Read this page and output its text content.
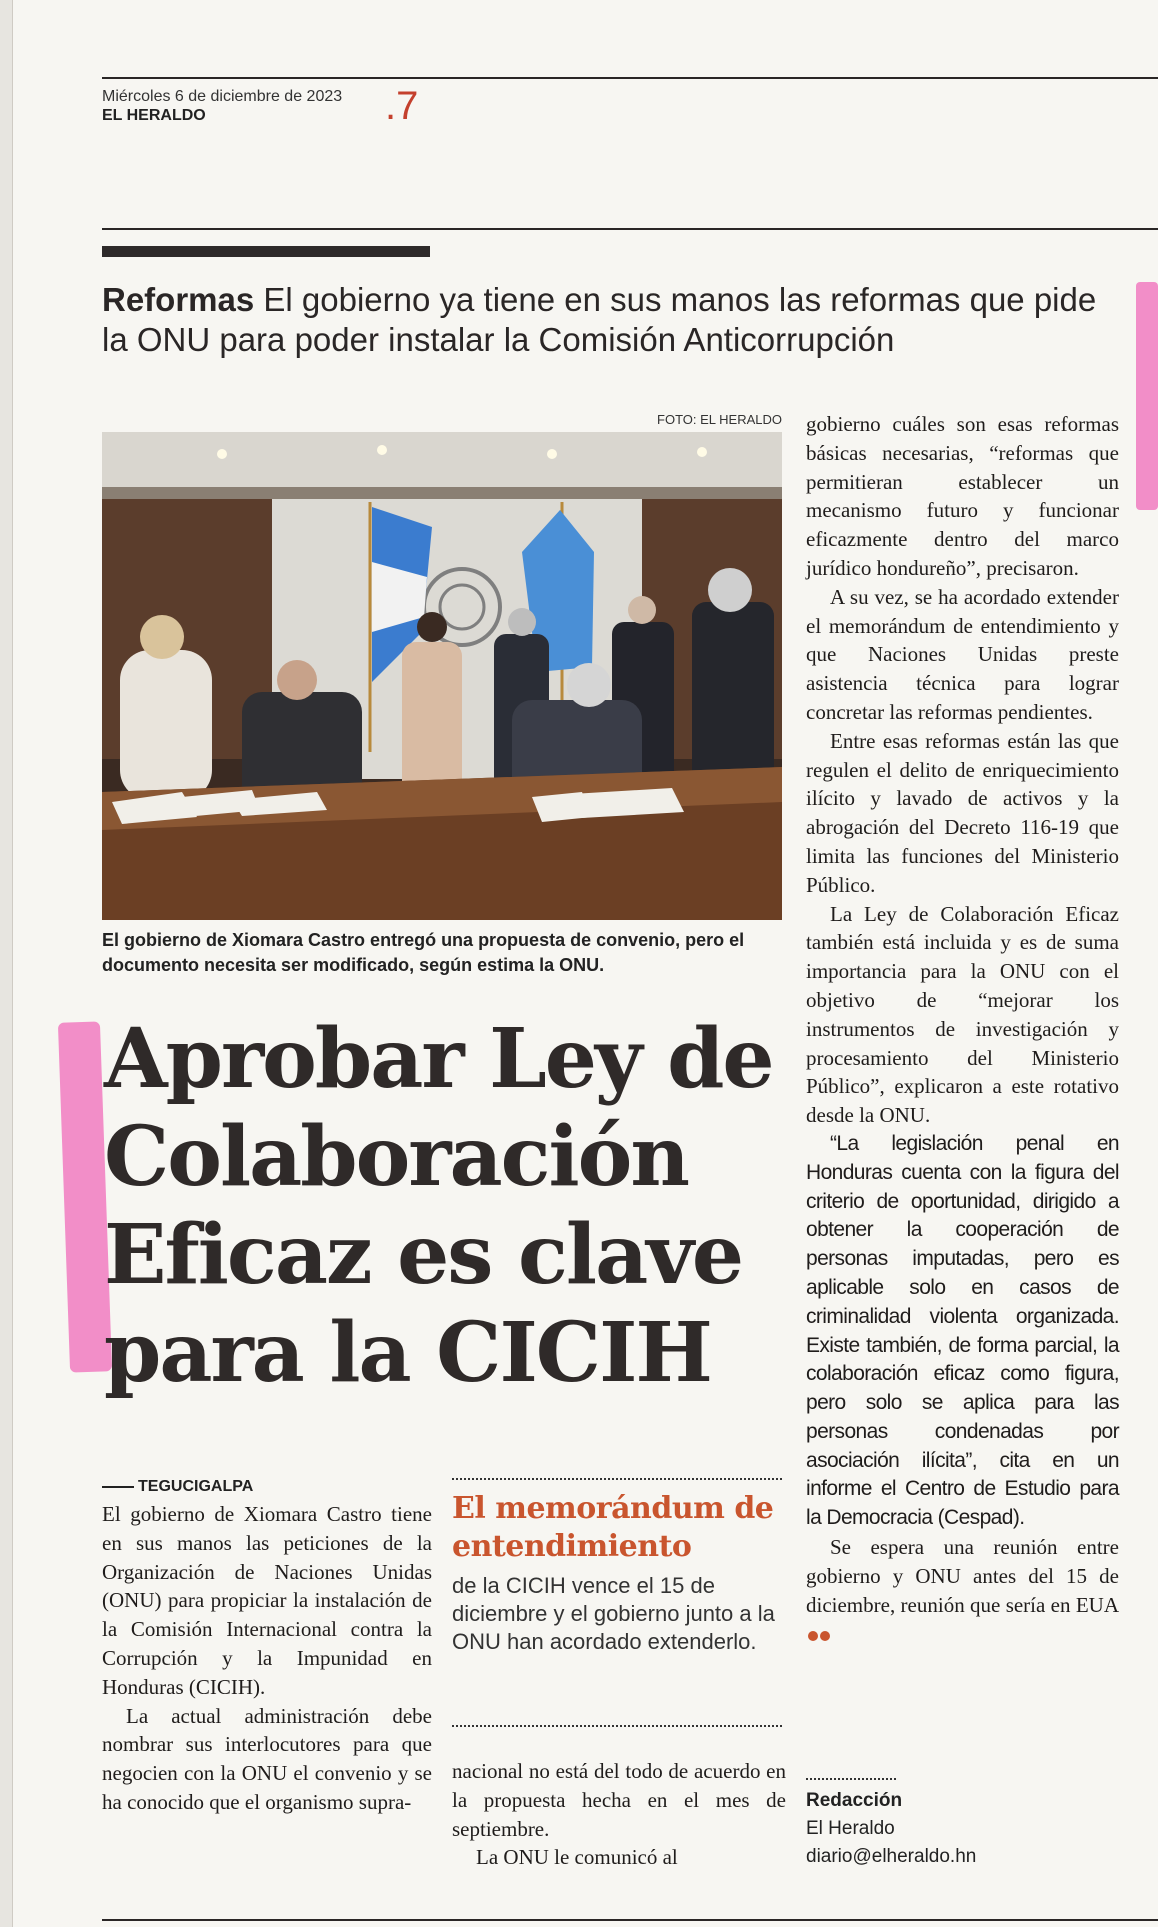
Miércoles 6 de diciembre de 2023
EL HERALDO	.7
Reformas El gobierno ya tiene en sus manos las reformas que pide la ONU para poder instalar la Comisión Anticorrupción
FOTO: EL HERALDO
El gobierno de Xiomara Castro entregó una propuesta de convenio, pero el documento necesita ser modificado, según estima la ONU.
Aprobar Ley de
Colaboración
Eficaz es clave
para la CICIH
TEGUCIGALPA

El gobierno de Xiomara Castro tiene en sus manos las peticiones de la Organización de Naciones Unidas (ONU) para propiciar la instalación de la Comisión Internacional contra la Corrupción y la Impunidad en Honduras (CICIH).

La actual administración debe nombrar sus interlocutores para que negocien con la ONU el convenio y se ha conocido que el organismo supra-

El memorándum de entendimiento
de la CICIH vence el 15 de diciembre y el gobierno junto a la ONU han acordado extenderlo.

nacional no está del todo de acuerdo en la propuesta hecha en el mes de septiembre.

La ONU le comunicó al

gobierno cuáles son esas reformas básicas necesarias, “reformas que permitieran establecer un mecanismo futuro y funcionar eficazmente dentro del marco jurídico hondureño”, precisaron.

A su vez, se ha acordado extender el memorándum de entendimiento y que Naciones Unidas preste asistencia técnica para lograr concretar las reformas pendientes.

Entre esas reformas están las que regulen el delito de enriquecimiento ilícito y lavado de activos y la abrogación del Decreto 116-19 que limita las funciones del Ministerio Público.

La Ley de Colaboración Eficaz también está incluida y es de suma importancia para la ONU con el objetivo de “mejorar los instrumentos de investigación y procesamiento del Ministerio Público”, explicaron a este rotativo desde la ONU.

“La legislación penal en Honduras cuenta con la figura del criterio de oportunidad, dirigido a obtener la cooperación de personas imputadas, pero es aplicable solo en casos de criminalidad violenta organizada. Existe también, de forma parcial, la colaboración eficaz como figura, pero solo se aplica para las personas condenadas por asociación ilícita”, cita en un informe el Centro de Estudio para la Democracia (Cespad).

Se espera una reunión entre gobierno y ONU antes del 15 de diciembre, reunión que sería en EUA

Redacción
El Heraldo
diario@elheraldo.hn
